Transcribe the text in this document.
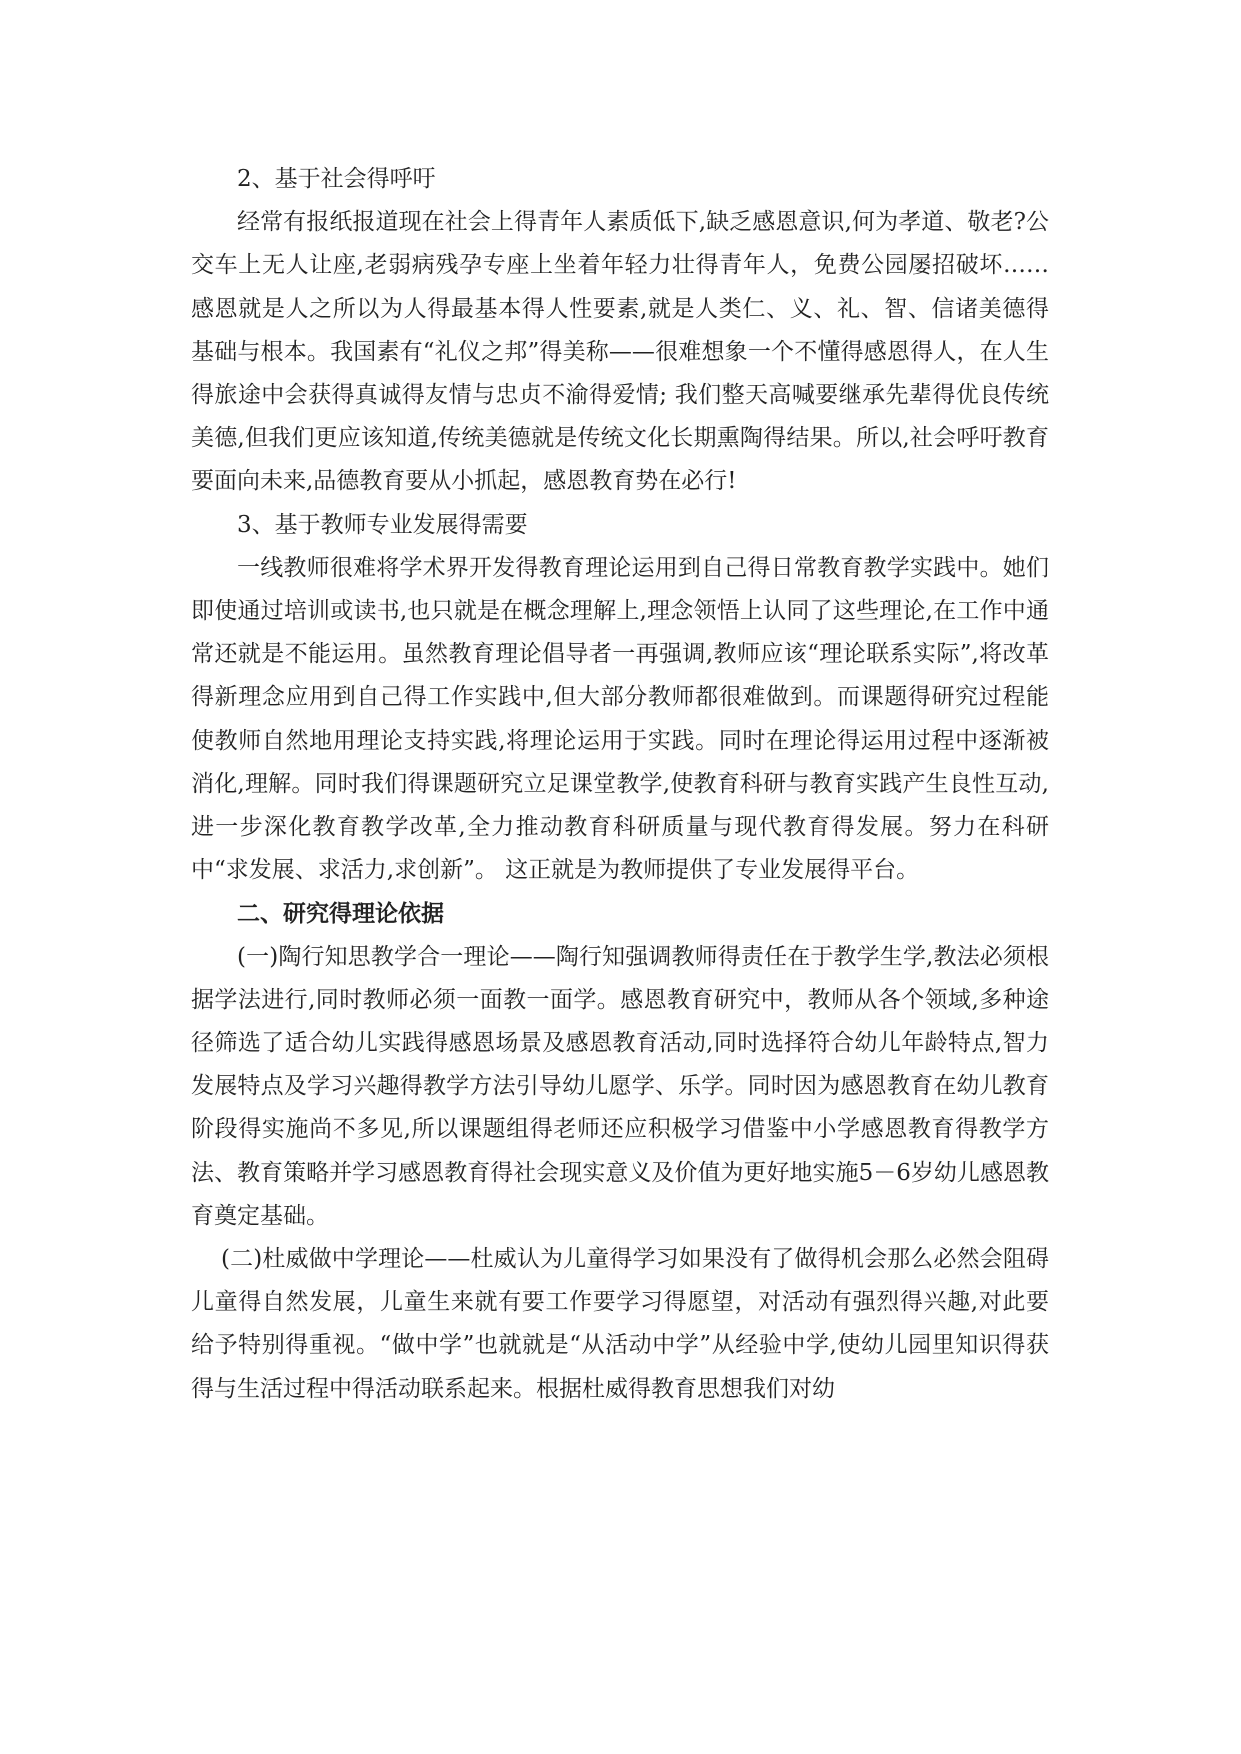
2、基于社会得呼吁

经常有报纸报道现在社会上得青年人素质低下,缺乏感恩意识,何为孝道、敬老?公交车上无人让座,老弱病残孕专座上坐着年轻力壮得青年人，免费公园屡招破坏……感恩就是人之所以为人得最基本得人性要素,就是人类仁、义、礼、智、信诸美德得基础与根本。我国素有“礼仪之邦”得美称——很难想象一个不懂得感恩得人，在人生得旅途中会获得真诚得友情与忠贞不渝得爱情; 我们整天高喊要继承先辈得优良传统美德,但我们更应该知道,传统美德就是传统文化长期熏陶得结果。所以,社会呼吁教育要面向未来,品德教育要从小抓起，感恩教育势在必行!

3、基于教师专业发展得需要

一线教师很难将学术界开发得教育理论运用到自己得日常教育教学实践中。她们即使通过培训或读书,也只就是在概念理解上,理念领悟上认同了这些理论,在工作中通常还就是不能运用。虽然教育理论倡导者一再强调,教师应该“理论联系实际”,将改革得新理念应用到自己得工作实践中,但大部分教师都很难做到。而课题得研究过程能使教师自然地用理论支持实践,将理论运用于实践。同时在理论得运用过程中逐渐被消化,理解。同时我们得课题研究立足课堂教学,使教育科研与教育实践产生良性互动,进一步深化教育教学改革,全力推动教育科研质量与现代教育得发展。努力在科研中“求发展、求活力,求创新”。 这正就是为教师提供了专业发展得平台。

二、研究得理论依据

(一)陶行知思教学合一理论——陶行知强调教师得责任在于教学生学,教法必须根据学法进行,同时教师必须一面教一面学。感恩教育研究中，教师从各个领域,多种途径筛选了适合幼儿实践得感恩场景及感恩教育活动,同时选择符合幼儿年龄特点,智力发展特点及学习兴趣得教学方法引导幼儿愿学、乐学。同时因为感恩教育在幼儿教育阶段得实施尚不多见,所以课题组得老师还应积极学习借鉴中小学感恩教育得教学方法、教育策略并学习感恩教育得社会现实意义及价值为更好地实施5－6岁幼儿感恩教育奠定基础。

(二)杜威做中学理论——杜威认为儿童得学习如果没有了做得机会那么必然会阻碍儿童得自然发展，儿童生来就有要工作要学习得愿望，对活动有强烈得兴趣,对此要给予特别得重视。“做中学”也就就是“从活动中学”从经验中学,使幼儿园里知识得获得与生活过程中得活动联系起来。根据杜威得教育思想我们对幼
